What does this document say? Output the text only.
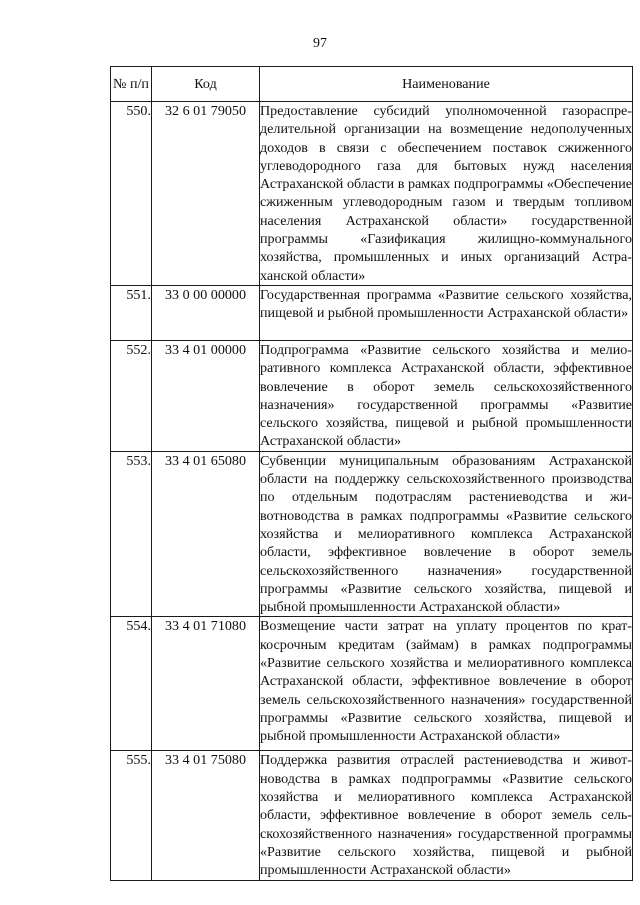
97
№ п/п	Код	Наименование
550.	32 6 01 79050	Предоставление субсидий уполномоченной газораспределительной организации на возмещение недополученных доходов в связи с обеспечением поставок сжиженного углеводородного газа для бытовых нужд населения Астраханской области в рамках подпрограммы «Обеспечение сжиженным углеводородным газом и твердым топливом населения Астраханской области» государственной программы «Газификация жилищно-коммунального хозяйства, промышленных и иных организаций Астраханской области»
551.	33 0 00 00000	Государственная программа «Развитие сельского хозяйства, пищевой и рыбной промышленности Астраханской области»
552.	33 4 01 00000	Подпрограмма «Развитие сельского хозяйства и мелиоративного комплекса Астраханской области, эффективное вовлечение в оборот земель сельскохозяйственного назначения» государственной программы «Развитие сельского хозяйства, пищевой и рыбной промышленности Астраханской области»
553.	33 4 01 65080	Субвенции муниципальным образованиям Астраханской области на поддержку сельскохозяйственного производства по отдельным подотраслям растениеводства и животноводства в рамках подпрограммы «Развитие сельского хозяйства и мелиоративного комплекса Астраханской области, эффективное вовлечение в оборот земель сельскохозяйственного назначения» государственной программы «Развитие сельского хозяйства, пищевой и рыбной промышленности Астраханской области»
554.	33 4 01 71080	Возмещение части затрат на уплату процентов по краткосрочным кредитам (займам) в рамках подпрограммы «Развитие сельского хозяйства и мелиоративного комплекса Астраханской области, эффективное вовлечение в оборот земель сельскохозяйственного назначения» государственной программы «Развитие сельского хозяйства, пищевой и рыбной промышленности Астраханской области»
555.	33 4 01 75080	Поддержка развития отраслей растениеводства и животноводства в рамках подпрограммы «Развитие сельского хозяйства и мелиоративного комплекса Астраханской области, эффективное вовлечение в оборот земель сельскохозяйственного назначения» государственной программы «Развитие сельского хозяйства, пищевой и рыбной промышленности Астраханской области»
